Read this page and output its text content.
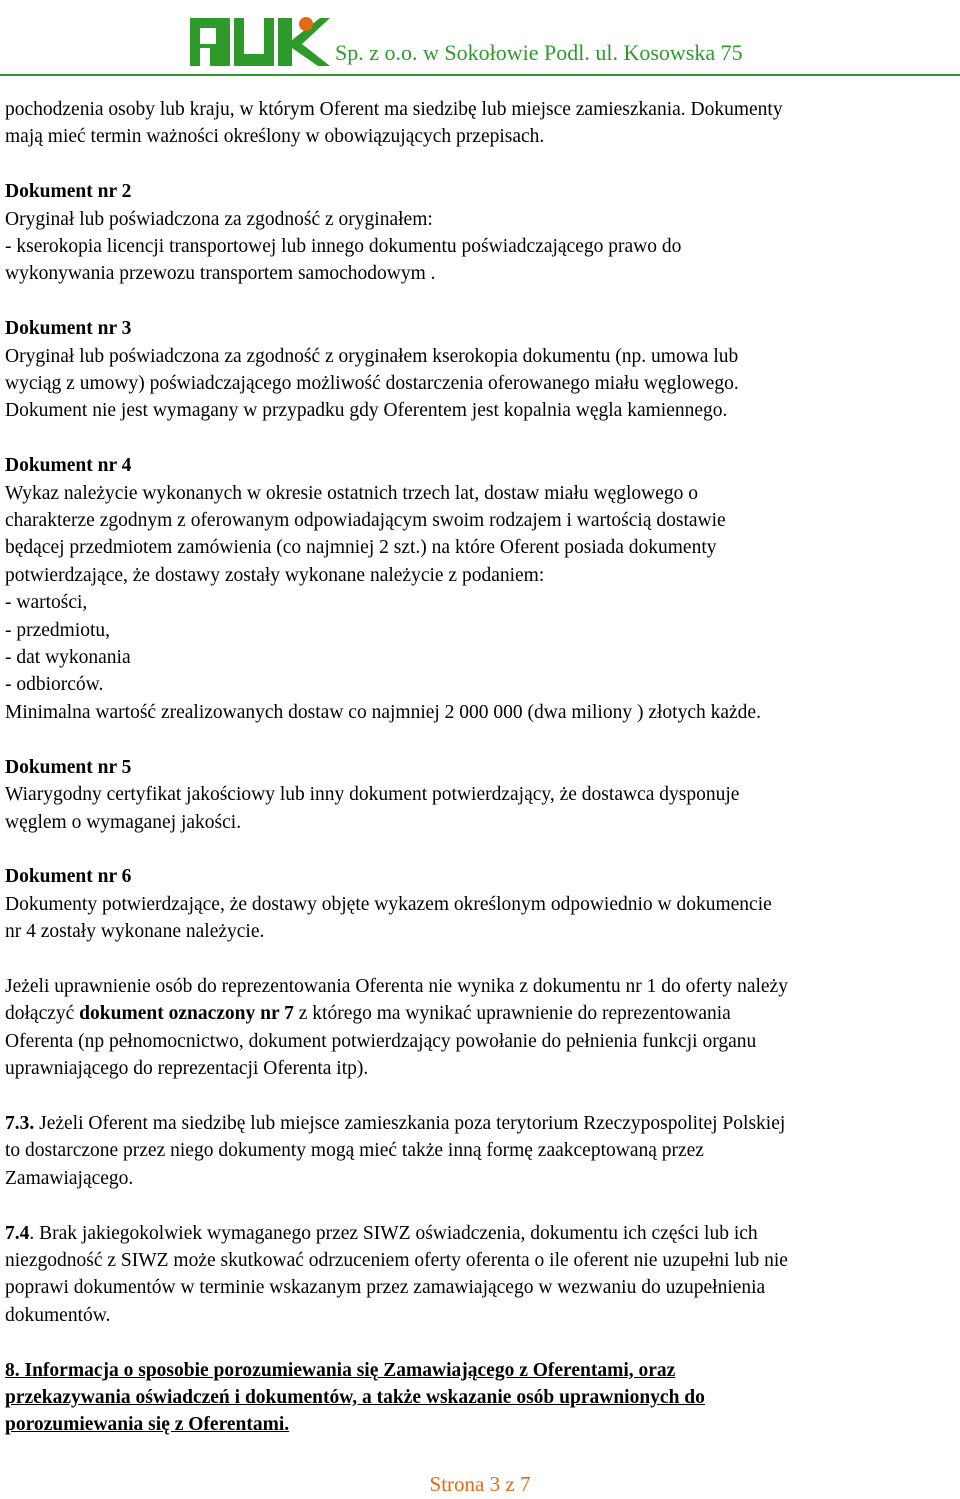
Sp. z o.o. w Sokołowie Podl. ul. Kosowska 75

pochodzenia osoby lub kraju, w którym Oferent ma siedzibę lub miejsce zamieszkania. Dokumenty

mają mieć termin ważności określony w obowiązujących przepisach.

Dokument nr 2

Oryginał lub poświadczona za zgodność z oryginałem:

- kserokopia licencji transportowej lub innego dokumentu poświadczającego prawo do

wykonywania przewozu transportem samochodowym .

Dokument nr 3

Oryginał lub poświadczona za zgodność z oryginałem kserokopia dokumentu (np. umowa lub

wyciąg z umowy) poświadczającego możliwość dostarczenia oferowanego miału węglowego.

Dokument nie jest wymagany w przypadku gdy Oferentem jest kopalnia węgla kamiennego.

Dokument nr 4

Wykaz należycie wykonanych w okresie ostatnich trzech lat, dostaw miału węglowego o

charakterze zgodnym z oferowanym odpowiadającym swoim rodzajem i wartością dostawie

będącej przedmiotem zamówienia (co najmniej 2 szt.) na które Oferent posiada dokumenty

potwierdzające, że dostawy zostały wykonane należycie z podaniem:

- wartości,

- przedmiotu,

- dat wykonania

- odbiorców.

Minimalna wartość zrealizowanych dostaw co najmniej 2 000 000 (dwa miliony ) złotych każde.

Dokument nr 5

Wiarygodny certyfikat jakościowy lub inny dokument potwierdzający, że dostawca dysponuje

węglem o wymaganej jakości.

Dokument nr 6

Dokumenty potwierdzające, że dostawy objęte wykazem określonym odpowiednio w dokumencie

nr 4 zostały wykonane należycie.

Jeżeli uprawnienie osób do reprezentowania Oferenta nie wynika z dokumentu nr 1 do oferty należy

dołączyć dokument oznaczony nr 7 z którego ma wynikać uprawnienie do reprezentowania

Oferenta (np pełnomocnictwo, dokument potwierdzający powołanie do pełnienia funkcji organu

uprawniającego do reprezentacji Oferenta itp).

7.3. Jeżeli Oferent ma siedzibę lub miejsce zamieszkania poza terytorium Rzeczypospolitej Polskiej

to dostarczone przez niego dokumenty mogą mieć także inną formę zaakceptowaną przez

Zamawiającego.

7.4. Brak jakiegokolwiek wymaganego przez SIWZ oświadczenia, dokumentu ich części lub ich

niezgodność z SIWZ może skutkować odrzuceniem oferty oferenta o ile oferent nie uzupełni lub nie

poprawi dokumentów w terminie wskazanym przez zamawiającego w wezwaniu do uzupełnienia

dokumentów.

8. Informacja o sposobie porozumiewania się Zamawiającego z Oferentami, oraz

przekazywania oświadczeń i dokumentów, a także wskazanie osób uprawnionych do

porozumiewania się z Oferentami.

Strona 3 z 7
